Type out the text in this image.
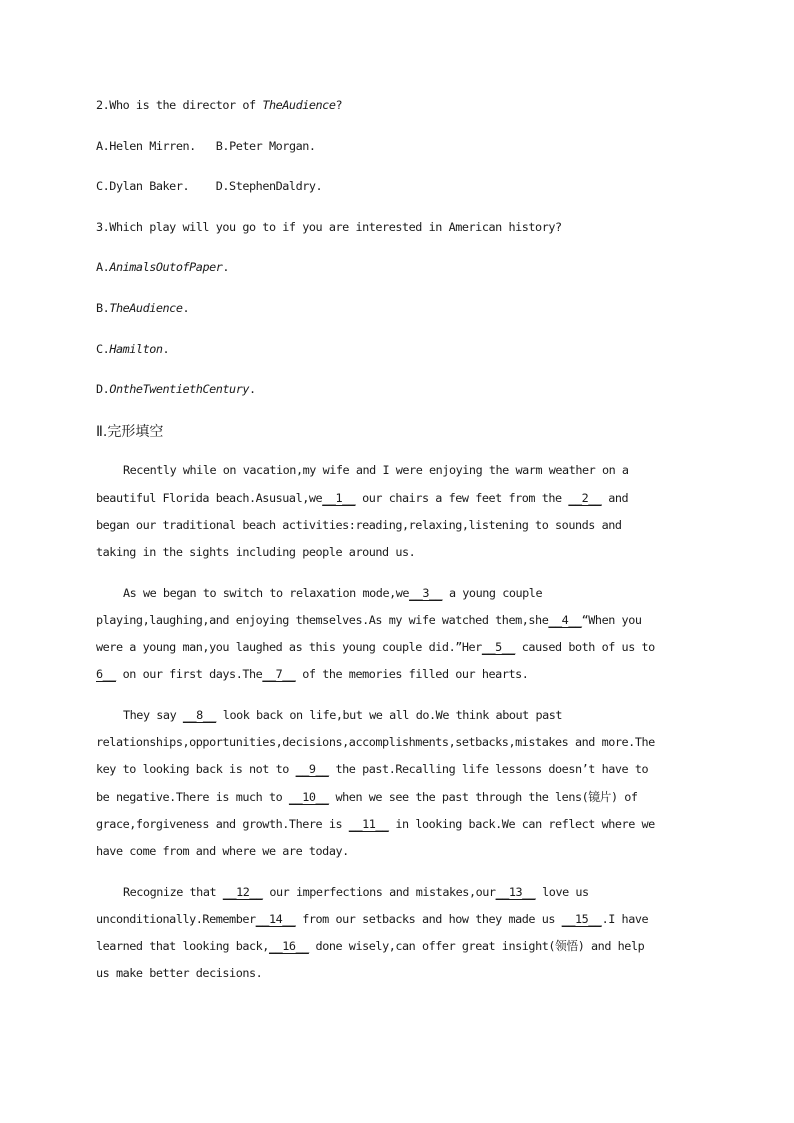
2.Who is the director of TheAudience?
A.Helen Mirren. B.Peter Morgan.
C.Dylan Baker. D.StephenDaldry.
3.Which play will you go to if you are interested in American history?
A.AnimalsOutofPaper.
B.TheAudience.
C.Hamilton.
D.OntheTwentiethCentury.
Ⅱ.完形填空
Recently while on vacation,my wife and I were enjoying the warm weather on a
beautiful Florida beach.Asusual,we__1__ our chairs a few feet from the __2__ and
began our traditional beach activities:reading,relaxing,listening to sounds and
taking in the sights including people around us.
As we began to switch to relaxation mode,we__3__ a young couple
playing,laughing,and enjoying themselves.As my wife watched them,she__4__“When you
were a young man,you laughed as this young couple did.”Her__5__ caused both of us to
6__ on our first days.The__7__ of the memories filled our hearts.
They say __8__ look back on life,but we all do.We think about past
relationships,opportunities,decisions,accomplishments,setbacks,mistakes and more.The
key to looking back is not to __9__ the past.Recalling life lessons doesn’t have to
be negative.There is much to __10__ when we see the past through the lens(镜片) of
grace,forgiveness and growth.There is __11__ in looking back.We can reflect where we
have come from and where we are today.
Recognize that __12__ our imperfections and mistakes,our__13__ love us
unconditionally.Remember__14__ from our setbacks and how they made us __15__.I have
learned that looking back,__16__ done wisely,can offer great insight(领悟) and help
us make better decisions.
